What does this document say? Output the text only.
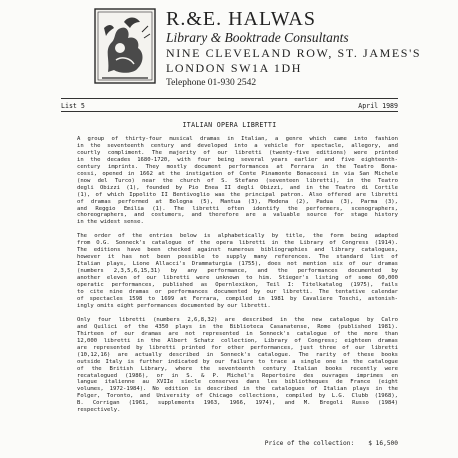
R.&E. HALWAS
Library & Booktrade Consultants
NINE CLEVELAND ROW, ST. JAMES'S
LONDON SW1A 1DH
Telephone 01-930 2542
List 5	April 1989
ITALIAN OPERA LIBRETTI

A group of thirty-four musical dramas in Italian, a genre which came into fashion
in the seventeenth century and developed into a vehicle for spectacle, allegory, and
courtly compliment. The majority of our libretti (twenty-five editions) were printed
in the decades 1680-1720, with four being several years earlier and five eighteenth-
century imprints. They mostly document performances at Ferrara in the Teatro Bona-
cossi, opened in 1662 at the instigation of Conte Pinamonte Bonacossi in via San Michele
(now del Turco) near the church of S. Stefano (seventeen libretti), in the Teatro
degli Obizzi (1), founded by Pio Enea II degli Obizzi, and in the Teatro di Cortile
(1), of which Ippolito II Bentivoglio was the principal patron. Also offered are libretti
of dramas performed at Bologna (5), Mantua (3), Modena (2), Padua (3), Parma (3),
and Reggio Emilia (1). The libretti often identify the performers, scenographers,
choreographers, and costumers, and therefore are a valuable source for stage history
in the widest sense.

The order of the entries below is alphabetically by title, the form being adapted
from O.G. Sonneck's catalogue of the opera libretti in the Library of Congress (1914).
The editions have been checked against numerous bibliographies and library catalogues,
however it has not been possible to supply many references. The standard list of
Italian plays, Lione Allacci's Drammaturgia (1755), does not mention six of our dramas
(numbers 2,3,5,6,15,31) by any performance, and the performances documented by
another eleven of our libretti were unknown to him. Stieger's listing of some 60,000
operatic performances, published as Opernlexikon, Teil I: Titelkatalog (1975), fails
to cite nine dramas or performances documented by our libretti. The tentative calendar
of spectacles 1598 to 1699 at Ferrara, compiled in 1981 by Cavaliere Toschi, astonish-
ingly omits eight performances documented by our libretti.

Only four libretti (numbers 2,6,8,32) are described in the new catalogue by Calro
and Quilici of the 4350 plays in the Biblioteca Casanatense, Rome (published 1981).
Thirteen of our dramas are not represented in Sonneck's catalogue of the more than
12,000 libretti in the Albert Schatz collection, Library of Congress; eighteen dramas
are represented by libretti printed for other performances, just three of our libretti
(10,12,16) are actually described in Sonneck's catalogue. The rarity of these books
outside Italy is further indicated by our failure to trace a single one in the catalogue
of the British Library, where the seventeenth century Italian books recently were
recatalogued (1986), or in S. & P. Michel's Repertoire des ouvrages imprimes en
langue italienne au XVIIe siecle conserves dans les bibliotheques de France (eight
volumes, 1972-1984). No edition is described in the catalogues of Italian plays in the
Folger, Toronto, and University of Chicago collections, compiled by L.G. Clubb (1968),
B. Corrigan (1961, supplements 1963, 1966, 1974), and M. Bregoli Russo (1984)
respectively.

Price of the collection: $ 16,500
